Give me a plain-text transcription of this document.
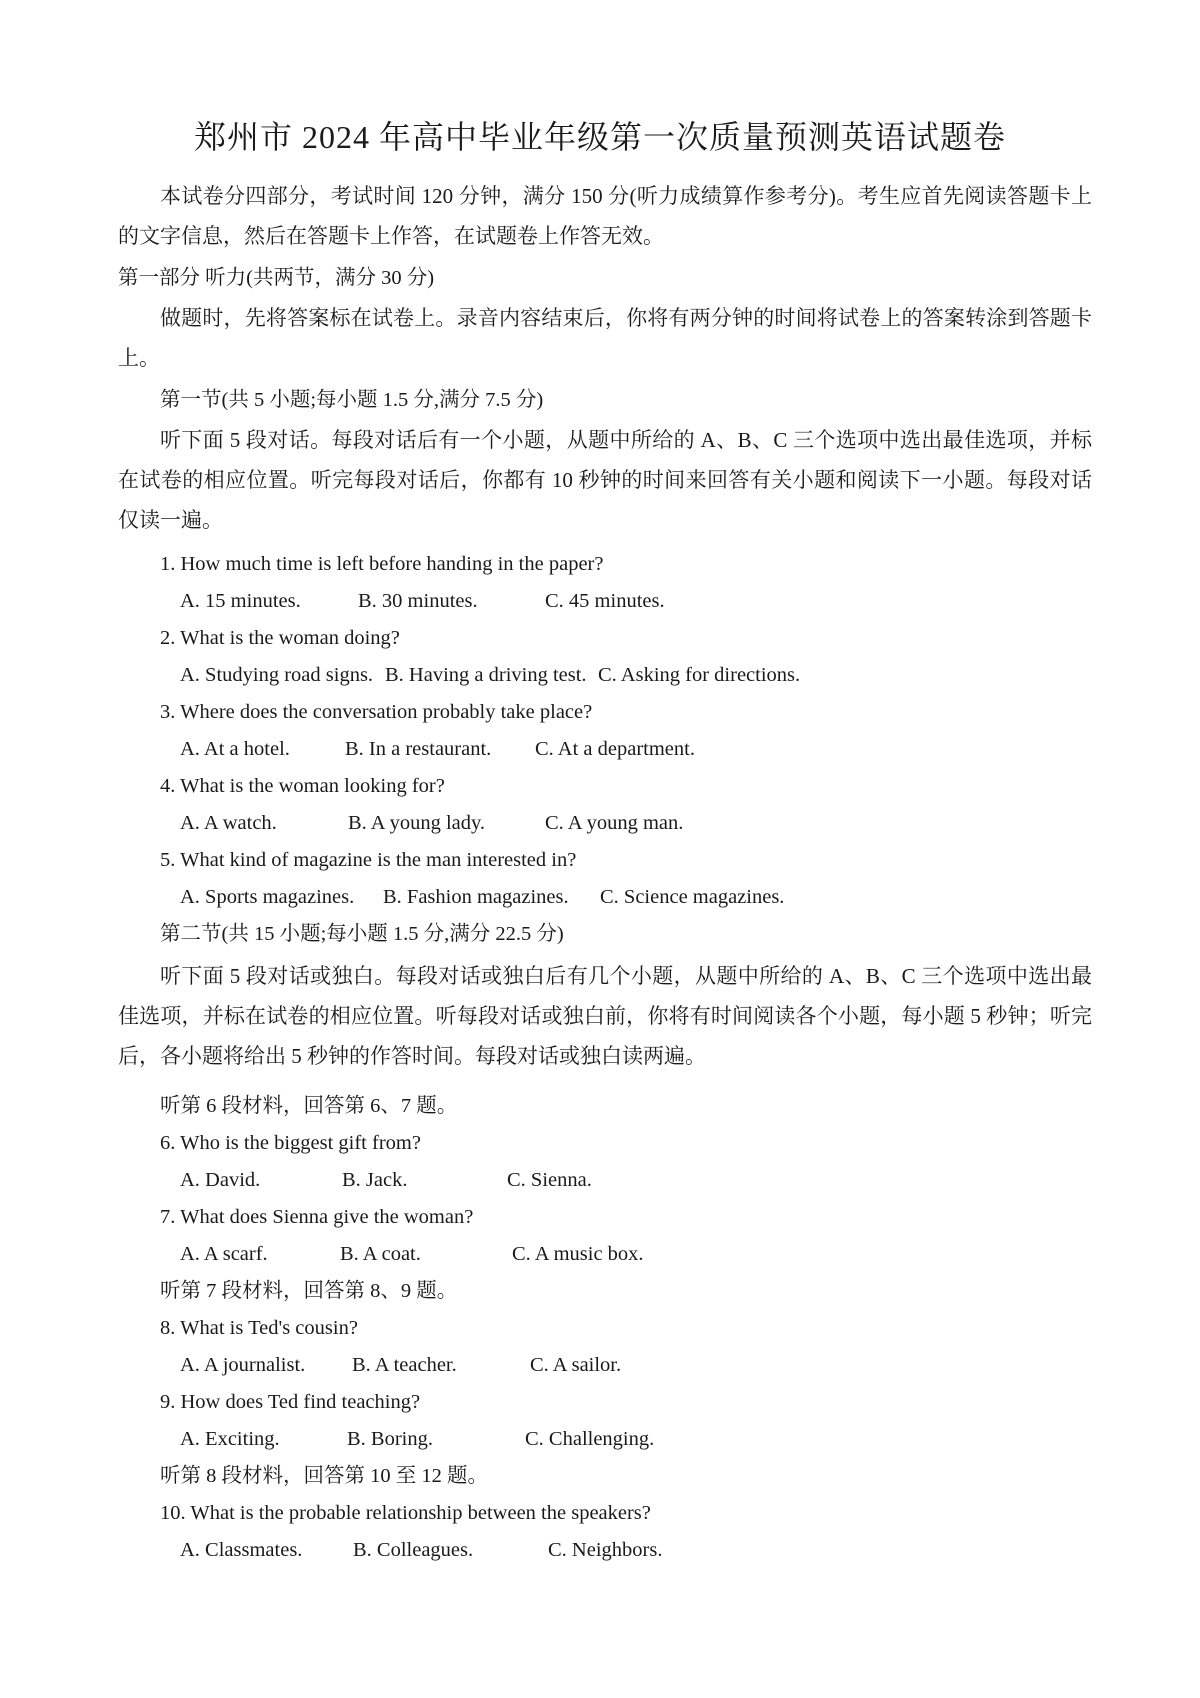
郑州市 2024 年高中毕业年级第一次质量预测英语试题卷
本试卷分四部分，考试时间 120 分钟，满分 150 分(听力成绩算作参考分)。考生应首先阅读答题卡上的文字信息，然后在答题卡上作答，在试题卷上作答无效。
第一部分 听力(共两节，满分 30 分)
做题时，先将答案标在试卷上。录音内容结束后，你将有两分钟的时间将试卷上的答案转涂到答题卡上。
第一节(共 5 小题;每小题 1.5 分,满分 7.5 分)
听下面 5 段对话。每段对话后有一个小题，从题中所给的 A、B、C 三个选项中选出最佳选项，并标在试卷的相应位置。听完每段对话后，你都有 10 秒钟的时间来回答有关小题和阅读下一小题。每段对话仅读一遍。
1. How much time is left before handing in the paper?
A. 15 minutes.	B. 30 minutes.	C. 45 minutes.
2. What is the woman doing?
A. Studying road signs. B. Having a driving test. C. Asking for directions.
3. Where does the conversation probably take place?
A. At a hotel.	B. In a restaurant. C. At a department.
4. What is the woman looking for?
A. A watch.	B. A young lady.	C. A young man.
5. What kind of magazine is the man interested in?
A. Sports magazines. B. Fashion magazines. C. Science magazines.
第二节(共 15 小题;每小题 1.5 分,满分 22.5 分)
听下面 5 段对话或独白。每段对话或独白后有几个小题，从题中所给的 A、B、C 三个选项中选出最佳选项，并标在试卷的相应位置。听每段对话或独白前，你将有时间阅读各个小题，每小题 5 秒钟；听完后，各小题将给出 5 秒钟的作答时间。每段对话或独白读两遍。
听第 6 段材料，回答第 6、7 题。
6. Who is the biggest gift from?
A. David.	B. Jack.	C. Sienna.
7. What does Sienna give the woman?
A. A scarf.	B. A coat.	C. A music box.
听第 7 段材料，回答第 8、9 题。
8. What is Ted's cousin?
A. A journalist. B. A teacher.	C. A sailor.
9. How does Ted find teaching?
A. Exciting.	B. Boring.	C. Challenging.
听第 8 段材料，回答第 10 至 12 题。
10. What is the probable relationship between the speakers?
A. Classmates. B. Colleagues.	C. Neighbors.
